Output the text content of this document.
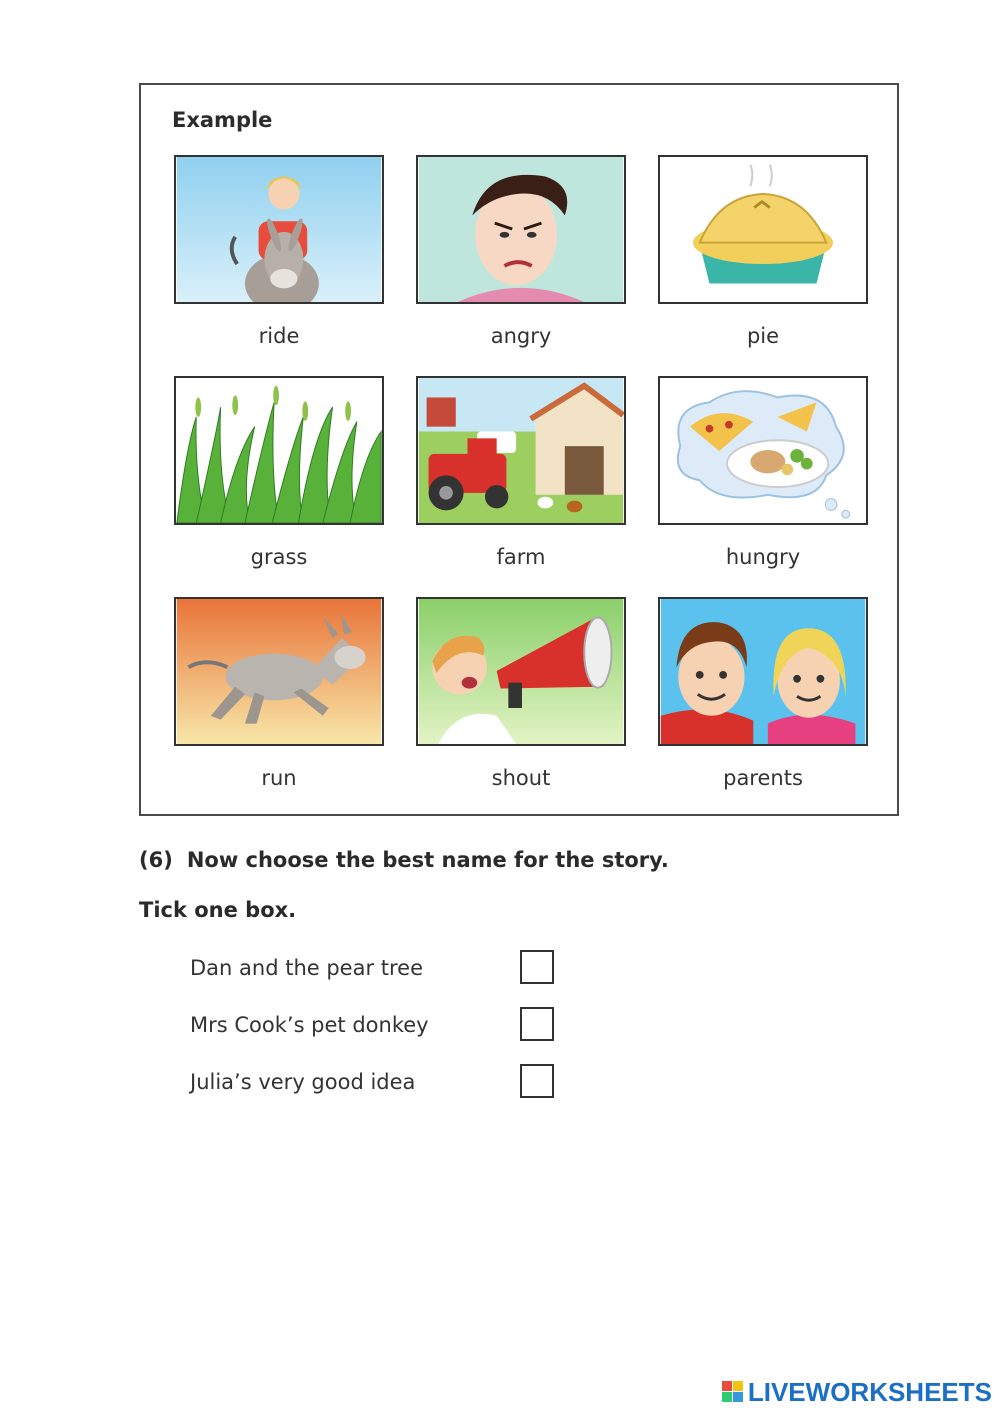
Example
ride	angry	pie
grass	farm	hungry
run	shout	parents
(6) Now choose the best name for the story.
Tick one box.
Dan and the pear tree
Mrs Cook’s pet donkey
Julia’s very good idea
LIVEWORKSHEETS
